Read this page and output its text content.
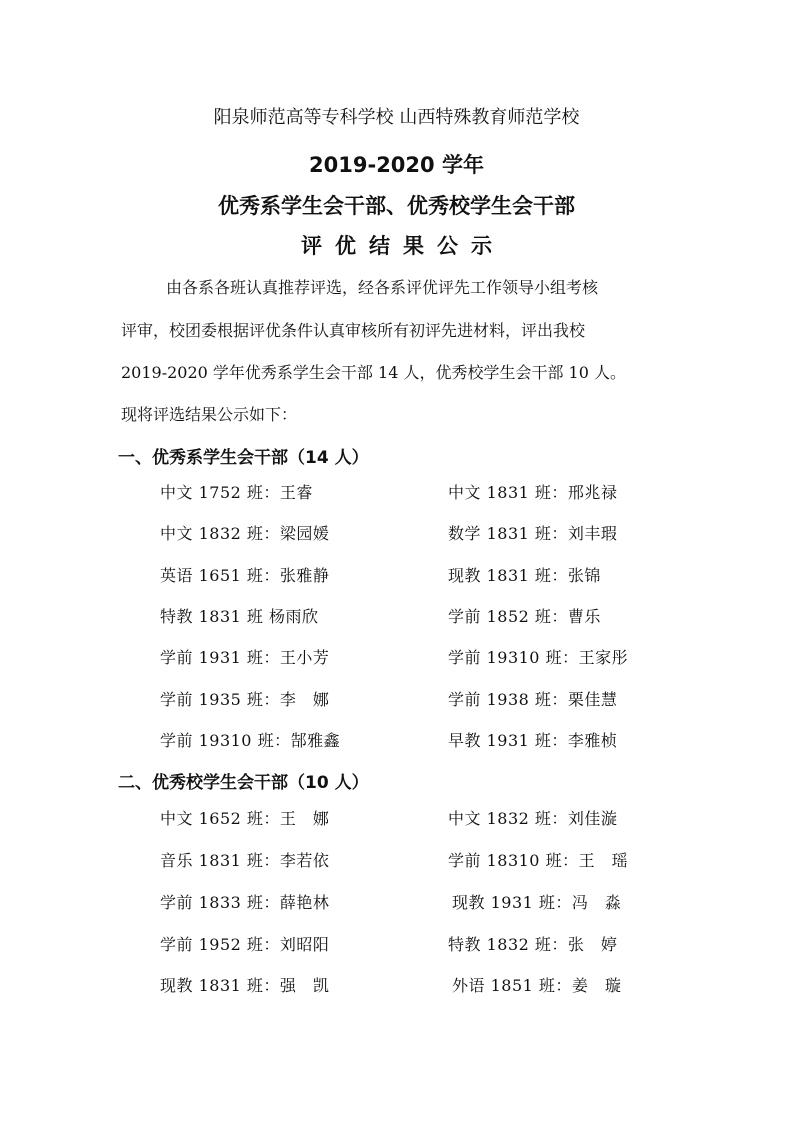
阳泉师范高等专科学校 山西特殊教育师范学校
2019-2020 学年
优秀系学生会干部、优秀校学生会干部
评优结果公示
由各系各班认真推荐评选，经各系评优评先工作领导小组考核
评审，校团委根据评优条件认真审核所有初评先进材料，评出我校
2019-2020 学年优秀系学生会干部 14 人，优秀校学生会干部 10 人。
现将评选结果公示如下：
一、优秀系学生会干部（14 人）
中文 1752 班：王睿	中文 1831 班：邢兆禄
中文 1832 班：梁园媛	数学 1831 班：刘丰瑕
英语 1651 班：张雅静	现教 1831 班：张锦
特教 1831 班 杨雨欣	学前 1852 班：曹乐
学前 1931 班：王小芳	学前 19310 班：王家彤
学前 1935 班：李　娜	学前 1938 班：栗佳慧
学前 19310 班：郜雅鑫	早教 1931 班：李雅桢
二、优秀校学生会干部（10 人）
中文 1652 班：王　娜	中文 1832 班：刘佳漩
音乐 1831 班：李若依	学前 18310 班：王　瑶
学前 1833 班：薛艳林	现教 1931 班：冯　淼
学前 1952 班：刘昭阳	特教 1832 班：张　婷
现教 1831 班：强　凯	外语 1851 班：姜　璇
